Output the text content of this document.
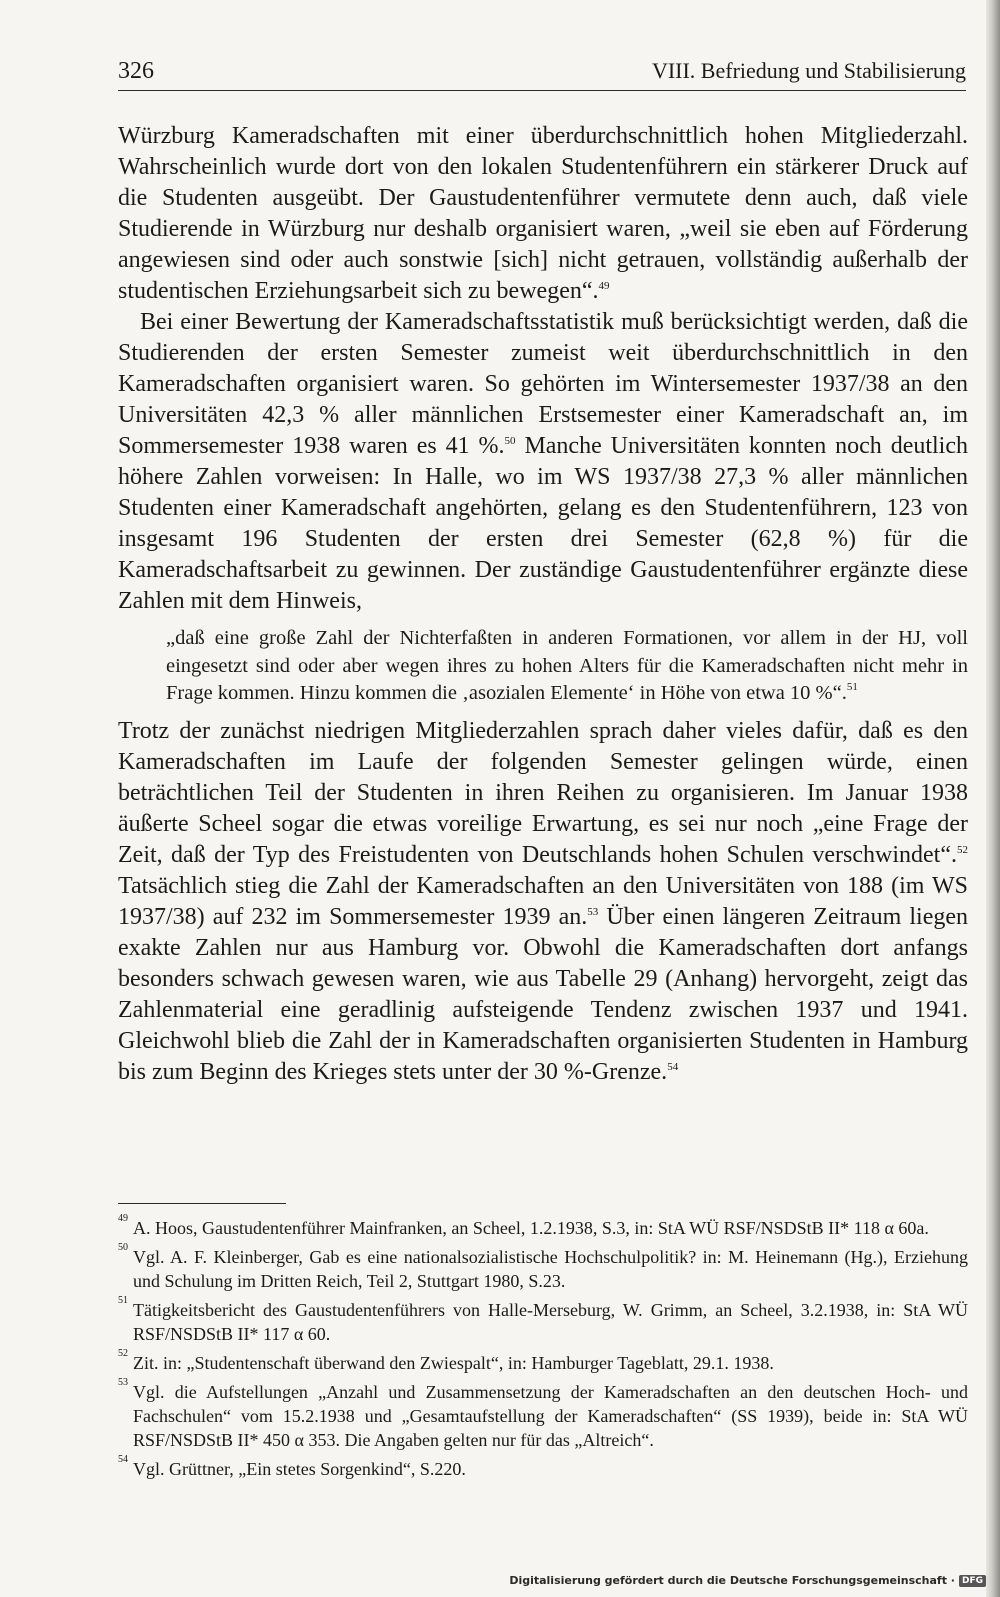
326	VIII. Befriedung und Stabilisierung

Würzburg Kameradschaften mit einer überdurchschnittlich hohen Mitgliederzahl. Wahrscheinlich wurde dort von den lokalen Studentenführern ein stärkerer Druck auf die Studenten ausgeübt. Der Gaustudentenführer vermutete denn auch, daß viele Studierende in Würzburg nur deshalb organisiert waren, „weil sie eben auf Förderung angewiesen sind oder auch sonstwie [sich] nicht getrauen, vollständig außerhalb der studentischen Erziehungsarbeit sich zu bewegen“.$^{49}$

Bei einer Bewertung der Kameradschaftsstatistik muß berücksichtigt werden, daß die Studierenden der ersten Semester zumeist weit überdurchschnittlich in den Kameradschaften organisiert waren. So gehörten im Wintersemester 1937/38 an den Universitäten 42,3 % aller männlichen Erstsemester einer Kameradschaft an, im Sommersemester 1938 waren es 41 %.$^{50}$ Manche Universitäten konnten noch deutlich höhere Zahlen vorweisen: In Halle, wo im WS 1937/38 27,3 % aller männlichen Studenten einer Kameradschaft angehörten, gelang es den Studentenführern, 123 von insgesamt 196 Studenten der ersten drei Semester (62,8 %) für die Kameradschaftsarbeit zu gewinnen. Der zuständige Gaustudentenführer ergänzte diese Zahlen mit dem Hinweis,

„daß eine große Zahl der Nichterfaßten in anderen Formationen, vor allem in der HJ, voll eingesetzt sind oder aber wegen ihres zu hohen Alters für die Kameradschaften nicht mehr in Frage kommen. Hinzu kommen die ‚asozialen Elemente‘ in Höhe von etwa 10 %“.$^{51}$

Trotz der zunächst niedrigen Mitgliederzahlen sprach daher vieles dafür, daß es den Kameradschaften im Laufe der folgenden Semester gelingen würde, einen beträchtlichen Teil der Studenten in ihren Reihen zu organisieren. Im Januar 1938 äußerte Scheel sogar die etwas voreilige Erwartung, es sei nur noch „eine Frage der Zeit, daß der Typ des Freistudenten von Deutschlands hohen Schulen verschwindet“.$^{52}$ Tatsächlich stieg die Zahl der Kameradschaften an den Universitäten von 188 (im WS 1937/38) auf 232 im Sommersemester 1939 an.$^{53}$ Über einen längeren Zeitraum liegen exakte Zahlen nur aus Hamburg vor. Obwohl die Kameradschaften dort anfangs besonders schwach gewesen waren, wie aus Tabelle 29 (Anhang) hervorgeht, zeigt das Zahlenmaterial eine geradlinig aufsteigende Tendenz zwischen 1937 und 1941. Gleichwohl blieb die Zahl der in Kameradschaften organisierten Studenten in Hamburg bis zum Beginn des Krieges stets unter der 30 %-Grenze.$^{54}$

49 A. Hoos, Gaustudentenführer Mainfranken, an Scheel, 1.2.1938, S.3, in: StA WÜ RSF/NSDStB II* 118 α 60a.

50 Vgl. A. F. Kleinberger, Gab es eine nationalsozialistische Hochschulpolitik? in: M. Heinemann (Hg.), Erziehung und Schulung im Dritten Reich, Teil 2, Stuttgart 1980, S.23.

51 Tätigkeitsbericht des Gaustudentenführers von Halle-Merseburg, W. Grimm, an Scheel, 3.2.1938, in: StA WÜ RSF/NSDStB II* 117 α 60.

52 Zit. in: „Studentenschaft überwand den Zwiespalt“, in: Hamburger Tageblatt, 29.1. 1938.

53 Vgl. die Aufstellungen „Anzahl und Zusammensetzung der Kameradschaften an den deutschen Hoch- und Fachschulen“ vom 15.2.1938 und „Gesamtaufstellung der Kameradschaften“ (SS 1939), beide in: StA WÜ RSF/NSDStB II* 450 α 353. Die Angaben gelten nur für das „Altreich“.

54 Vgl. Grüttner, „Ein stetes Sorgenkind“, S.220.

Digitalisierung gefördert durch die Deutsche Forschungsgemeinschaft · DFG
